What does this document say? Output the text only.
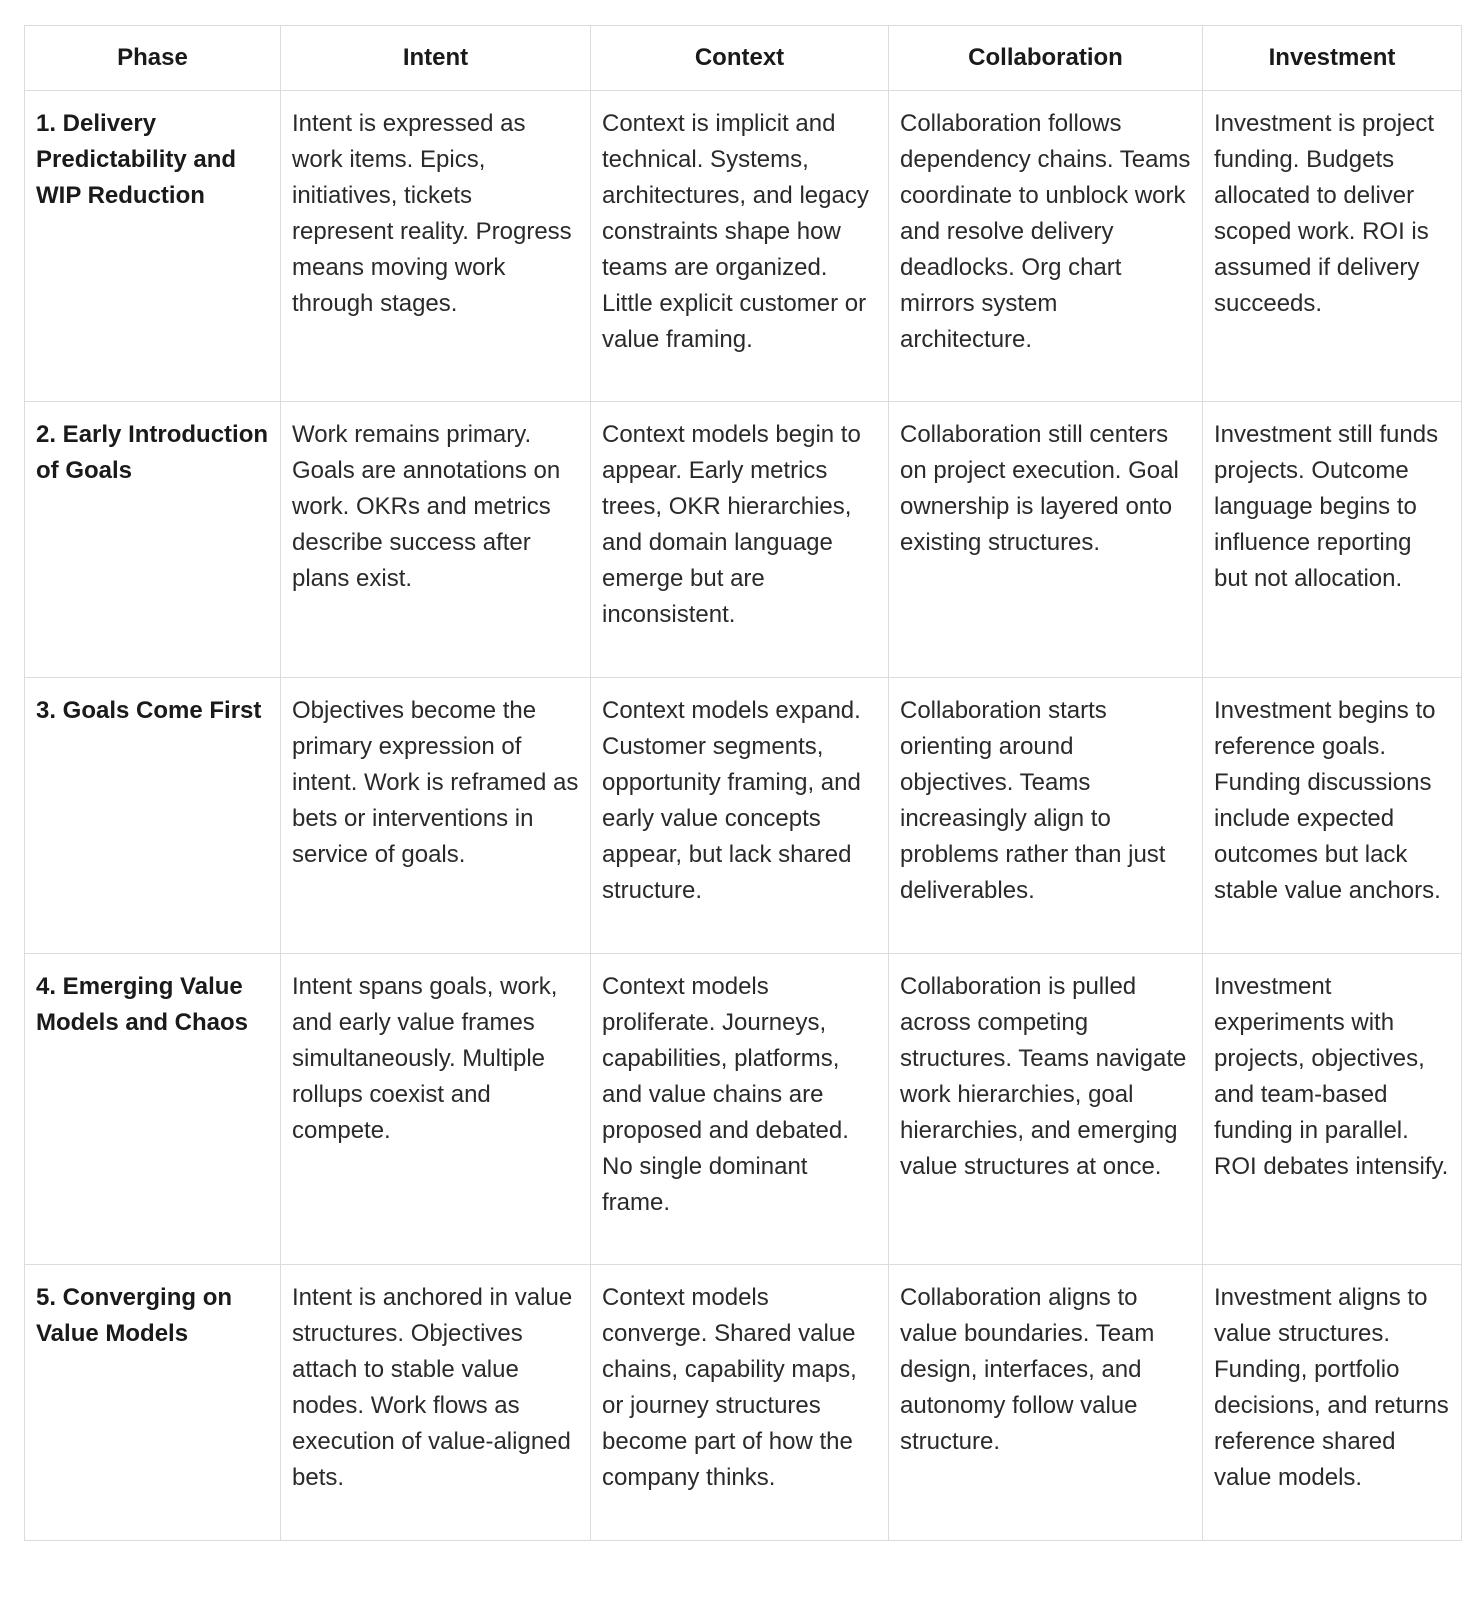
Phase	Intent	Context	Collaboration	Investment
1. Delivery Predictability and WIP Reduction	Intent is expressed as work items. Epics, initiatives, tickets represent reality. Progress means moving work through stages.	Context is implicit and technical. Systems, architectures, and legacy constraints shape how teams are organized. Little explicit customer or value framing.	Collaboration follows dependency chains. Teams coordinate to unblock work and resolve delivery deadlocks. Org chart mirrors system architecture.	Investment is project funding. Budgets allocated to deliver scoped work. ROI is assumed if delivery succeeds.
2. Early Introduction of Goals	Work remains primary. Goals are annotations on work. OKRs and metrics describe success after plans exist.	Context models begin to appear. Early metrics trees, OKR hierarchies, and domain language emerge but are inconsistent.	Collaboration still centers on project execution. Goal ownership is layered onto existing structures.	Investment still funds projects. Outcome language begins to influence reporting but not allocation.
3. Goals Come First	Objectives become the primary expression of intent. Work is reframed as bets or interventions in service of goals.	Context models expand. Customer segments, opportunity framing, and early value concepts appear, but lack shared structure.	Collaboration starts orienting around objectives. Teams increasingly align to problems rather than just deliverables.	Investment begins to reference goals. Funding discussions include expected outcomes but lack stable value anchors.
4. Emerging Value Models and Chaos	Intent spans goals, work, and early value frames simultaneously. Multiple rollups coexist and compete.	Context models proliferate. Journeys, capabilities, platforms, and value chains are proposed and debated. No single dominant frame.	Collaboration is pulled across competing structures. Teams navigate work hierarchies, goal hierarchies, and emerging value structures at once.	Investment experiments with projects, objectives, and team-based funding in parallel. ROI debates intensify.
5. Converging on Value Models	Intent is anchored in value structures. Objectives attach to stable value nodes. Work flows as execution of value-aligned bets.	Context models converge. Shared value chains, capability maps, or journey structures become part of how the company thinks.	Collaboration aligns to value boundaries. Team design, interfaces, and autonomy follow value structure.	Investment aligns to value structures. Funding, portfolio decisions, and returns reference shared value models.
